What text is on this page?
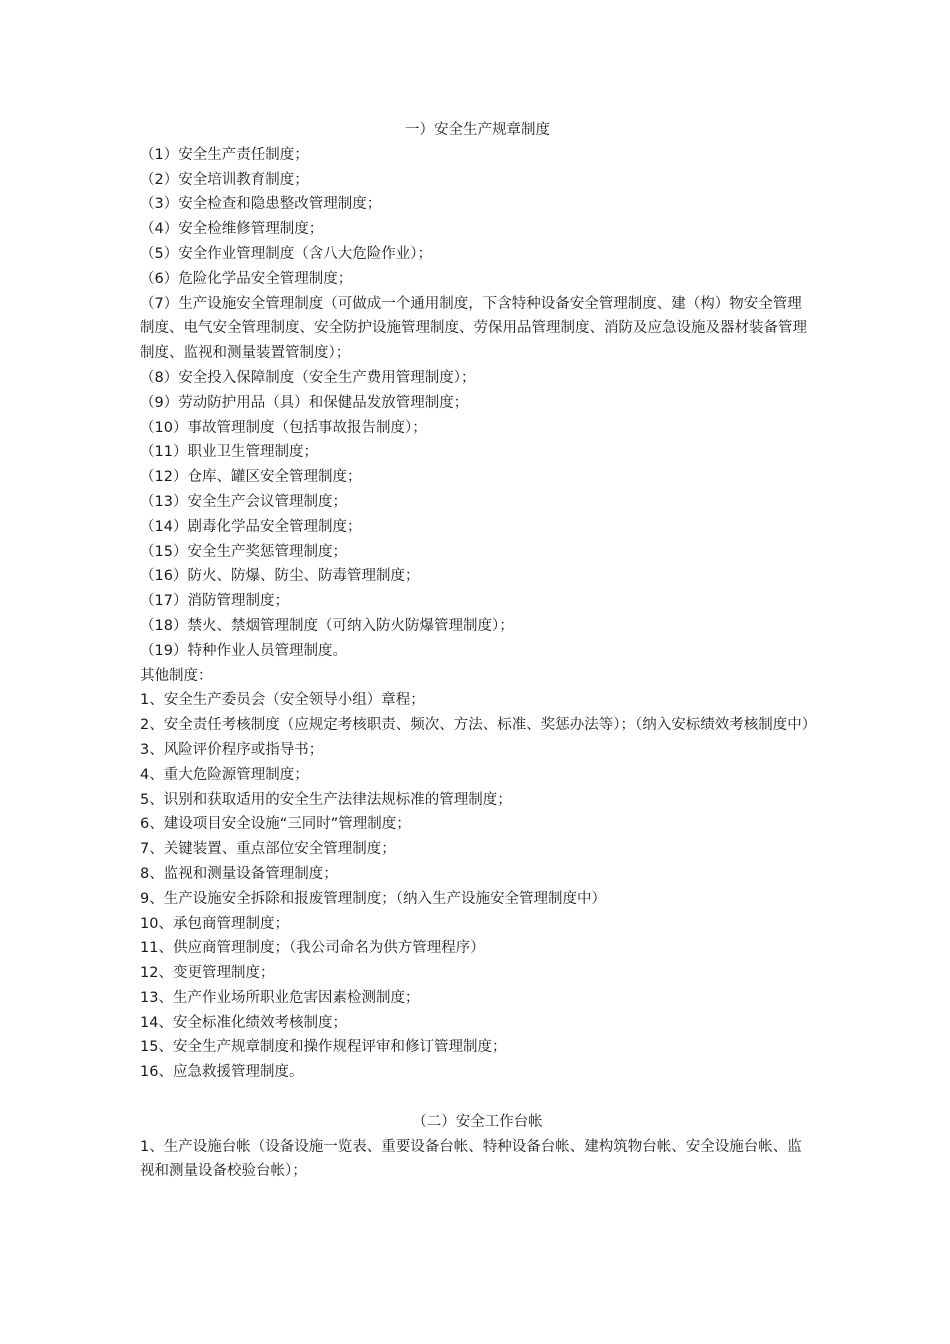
一）安全生产规章制度

（1）安全生产责任制度；

（2）安全培训教育制度；

（3）安全检查和隐患整改管理制度；

（4）安全检维修管理制度；

（5）安全作业管理制度（含八大危险作业）；

（6）危险化学品安全管理制度；

（7）生产设施安全管理制度（可做成一个通用制度，下含特种设备安全管理制度、建（构）物安全管理制度、电气安全管理制度、安全防护设施管理制度、劳保用品管理制度、消防及应急设施及器材装备管理制度、监视和测量装置管制度）；

（8）安全投入保障制度（安全生产费用管理制度）；

（9）劳动防护用品（具）和保健品发放管理制度；

（10）事故管理制度（包括事故报告制度）；

（11）职业卫生管理制度；

（12）仓库、罐区安全管理制度；

（13）安全生产会议管理制度；

（14）剧毒化学品安全管理制度；

（15）安全生产奖惩管理制度；

（16）防火、防爆、防尘、防毒管理制度；

（17）消防管理制度；

（18）禁火、禁烟管理制度（可纳入防火防爆管理制度）；

（19）特种作业人员管理制度。

其他制度：

1、安全生产委员会（安全领导小组）章程；

2、安全责任考核制度（应规定考核职责、频次、方法、标准、奖惩办法等）；（纳入安标绩效考核制度中）

3、风险评价程序或指导书；

4、重大危险源管理制度；

5、识别和获取适用的安全生产法律法规标准的管理制度；

6、建设项目安全设施“三同时”管理制度；

7、关键装置、重点部位安全管理制度；

8、监视和测量设备管理制度；

9、生产设施安全拆除和报废管理制度；（纳入生产设施安全管理制度中）

10、承包商管理制度；

11、供应商管理制度；（我公司命名为供方管理程序）

12、变更管理制度；

13、生产作业场所职业危害因素检测制度；

14、安全标准化绩效考核制度；

15、安全生产规章制度和操作规程评审和修订管理制度；

16、应急救援管理制度。

（二）安全工作台帐

1、生产设施台帐（设备设施一览表、重要设备台帐、特种设备台帐、建构筑物台帐、安全设施台帐、监视和测量设备校验台帐）；
